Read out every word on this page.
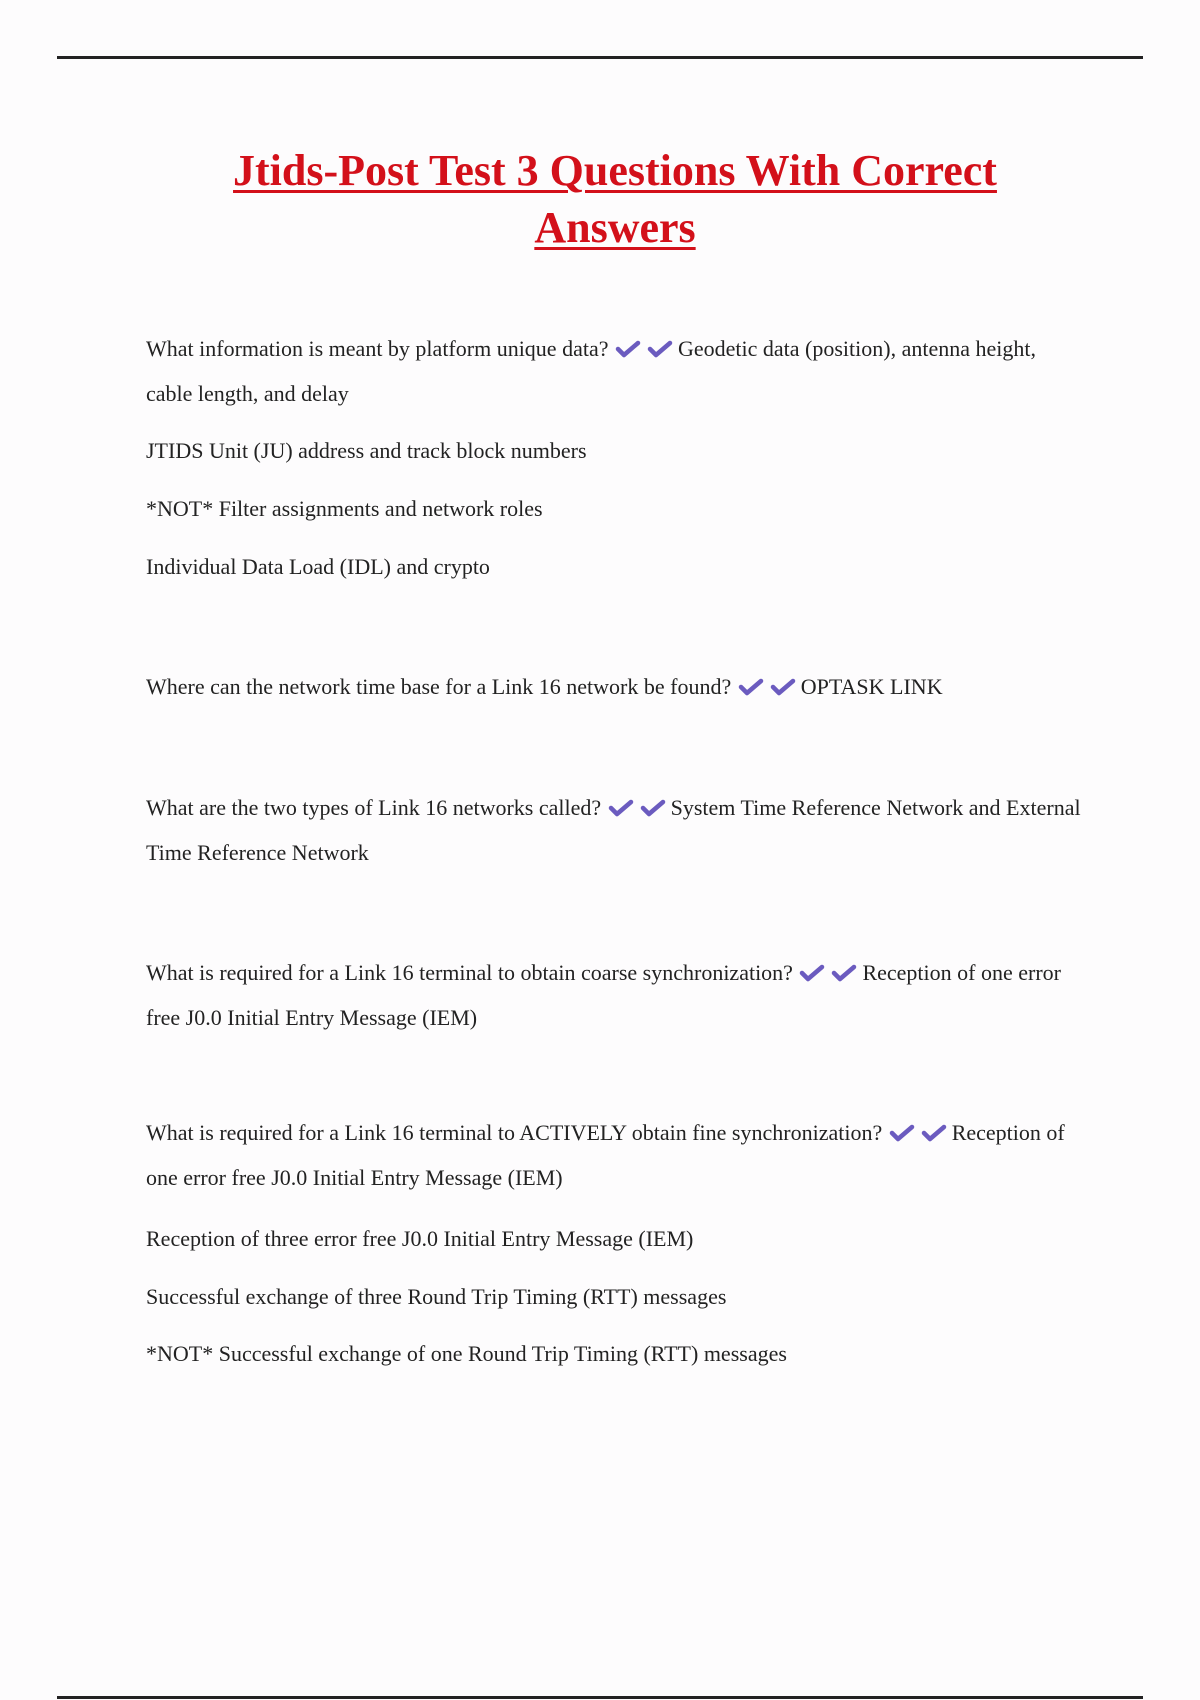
Jtids-Post Test 3 Questions With Correct Answers
What information is meant by platform unique data?	Geodetic data (position), antenna height, cable length, and delay
JTIDS Unit (JU) address and track block numbers
*NOT* Filter assignments and network roles
Individual Data Load (IDL) and crypto
Where can the network time base for a Link 16 network be found?	OPTASK LINK
What are the two types of Link 16 networks called?	System Time Reference Network and External Time Reference Network
What is required for a Link 16 terminal to obtain coarse synchronization?	Reception of one error free J0.0 Initial Entry Message (IEM)
What is required for a Link 16 terminal to ACTIVELY obtain fine synchronization?	Reception of one error free J0.0 Initial Entry Message (IEM)
Reception of three error free J0.0 Initial Entry Message (IEM)
Successful exchange of three Round Trip Timing (RTT) messages
*NOT* Successful exchange of one Round Trip Timing (RTT) messages
